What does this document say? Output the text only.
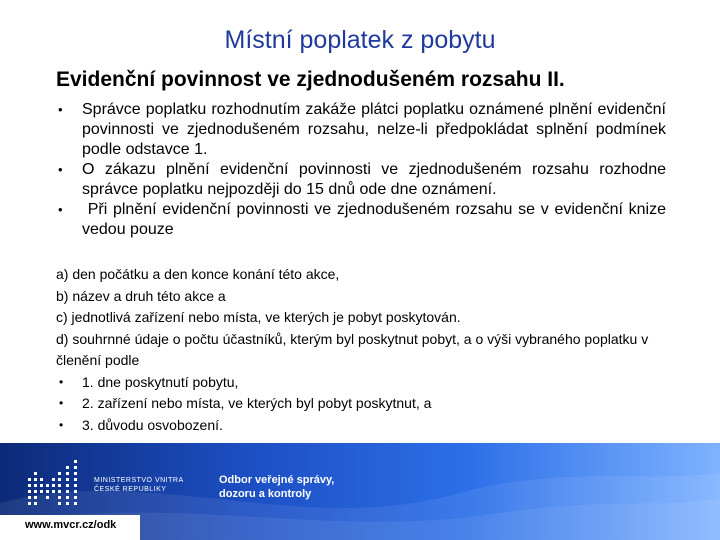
Místní poplatek z pobytu
Evidenční povinnost ve zjednodušeném rozsahu II.
• Správce poplatku rozhodnutím zakáže plátci poplatku oznámené plnění evidenční povinnosti ve zjednodušeném rozsahu, nelze-li předpokládat splnění podmínek podle odstavce 1.
• O zákazu plnění evidenční povinnosti ve zjednodušeném rozsahu rozhodne správce poplatku nejpozději do 15 dnů ode dne oznámení.
• Při plnění evidenční povinnosti ve zjednodušeném rozsahu se v evidenční knize vedou pouze

a) den počátku a den konce konání této akce,

b) název a druh této akce a

c) jednotlivá zařízení nebo místa, ve kterých je pobyt poskytován.

d) souhrnné údaje o počtu účastníků, kterým byl poskytnut pobyt, a o výši vybraného poplatku v členění podle

• 1. dne poskytnutí pobytu,
• 2. zařízení nebo místa, ve kterých byl pobyt poskytnut, a
• 3. důvodu osvobození.

MINISTERSTVO VNITRA
ČESKÉ REPUBLIKY

Odbor veřejné správy,
dozoru a kontroly

www.mvcr.cz/odk
